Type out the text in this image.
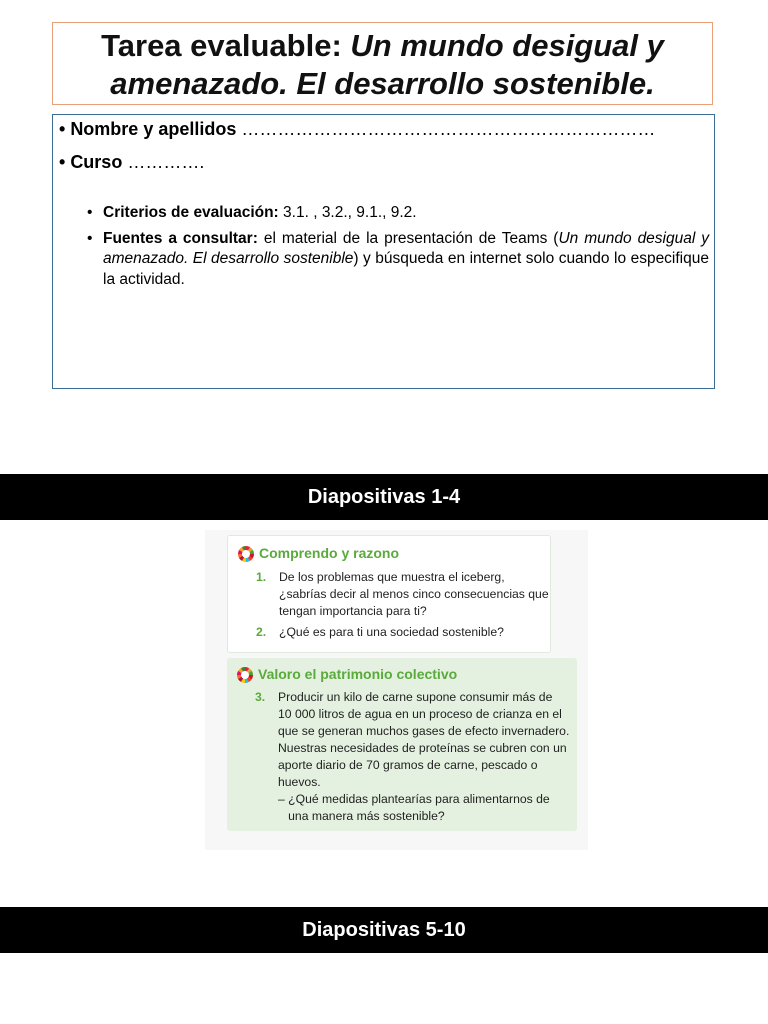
Tarea evaluable: Un mundo desigual y
amenazado. El desarrollo sostenible.
• Nombre y apellidos ……………………………………………………………
• Curso ………….
• Criterios de evaluación: 3.1. , 3.2., 9.1., 9.2.
• Fuentes a consultar: el material de la presentación de Teams (Un mundo desigual y amenazado. El desarrollo sostenible) y búsqueda en internet solo cuando lo especifique la actividad.
Diapositivas 1-4
Comprendo y razono
1.	De los problemas que muestra el iceberg,
¿sabrías decir al menos cinco consecuencias que
tengan importancia para ti?
2.	¿Qué es para ti una sociedad sostenible?
Valoro el patrimonio colectivo
3.	Producir un kilo de carne supone consumir más de
10 000 litros de agua en un proceso de crianza en el
que se generan muchos gases de efecto invernadero.
Nuestras necesidades de proteínas se cubren con un
aporte diario de 70 gramos de carne, pescado o
huevos.
– ¿Qué medidas plantearías para alimentarnos de
una manera más sostenible?
Diapositivas 5-10
